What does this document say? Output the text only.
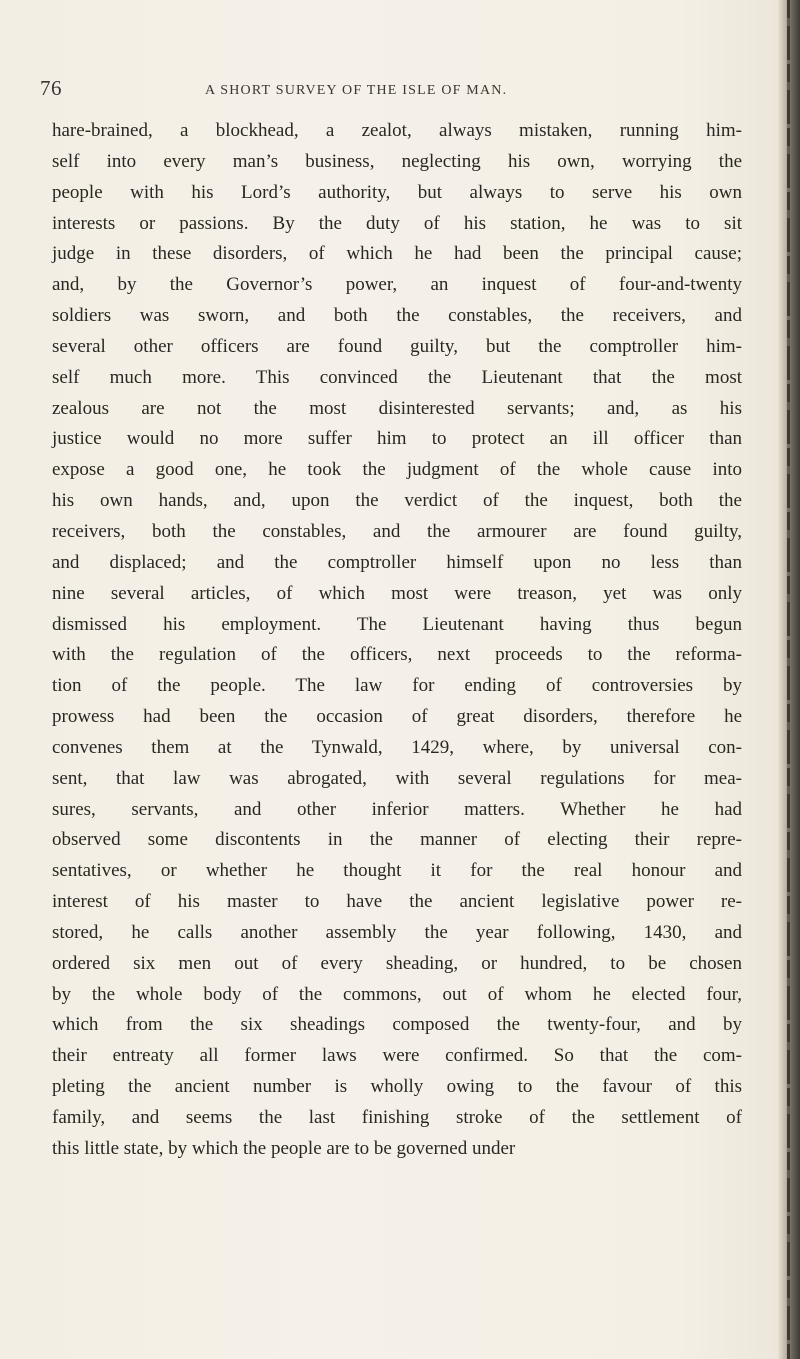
76	A SHORT SURVEY OF THE ISLE OF MAN.
hare-brained, a blockhead, a zealot, always mistaken, running him-
self into every man’s business, neglecting his own, worrying the
people with his Lord’s authority, but always to serve his own
interests or passions. By the duty of his station, he was to sit
judge in these disorders, of which he had been the principal cause;
and, by the Governor’s power, an inquest of four-and-twenty
soldiers was sworn, and both the constables, the receivers, and
several other officers are found guilty, but the comptroller him-
self much more. This convinced the Lieutenant that the most
zealous are not the most disinterested servants; and, as his
justice would no more suffer him to protect an ill officer than
expose a good one, he took the judgment of the whole cause into
his own hands, and, upon the verdict of the inquest, both the
receivers, both the constables, and the armourer are found guilty,
and displaced; and the comptroller himself upon no less than
nine several articles, of which most were treason, yet was only
dismissed his employment. The Lieutenant having thus begun
with the regulation of the officers, next proceeds to the reforma-
tion of the people. The law for ending of controversies by
prowess had been the occasion of great disorders, therefore he
convenes them at the Tynwald, 1429, where, by universal con-
sent, that law was abrogated, with several regulations for mea-
sures, servants, and other inferior matters. Whether he had
observed some discontents in the manner of electing their repre-
sentatives, or whether he thought it for the real honour and
interest of his master to have the ancient legislative power re-
stored, he calls another assembly the year following, 1430, and
ordered six men out of every sheading, or hundred, to be chosen
by the whole body of the commons, out of whom he elected four,
which from the six sheadings composed the twenty-four, and by
their entreaty all former laws were confirmed. So that the com-
pleting the ancient number is wholly owing to the favour of this
family, and seems the last finishing stroke of the settlement of
this little state, by which the people are to be governed under
